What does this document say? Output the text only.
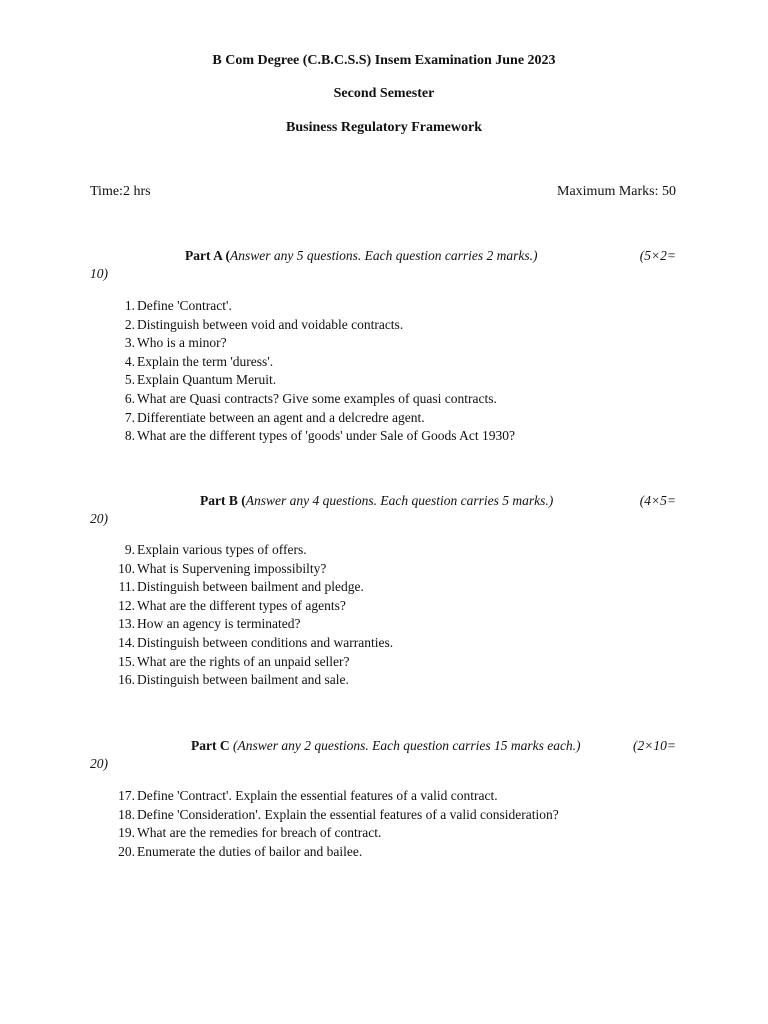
B Com Degree (C.B.C.S.S) Insem Examination June 2023
Second Semester
Business Regulatory Framework
Time:2 hrs	Maximum Marks: 50
Part A (Answer any 5 questions. Each question carries 2 marks.)	(5×2=
10)
1. Define 'Contract'.
2. Distinguish between void and voidable contracts.
3. Who is a minor?
4. Explain the term 'duress'.
5. Explain Quantum Meruit.
6. What are Quasi contracts? Give some examples of quasi contracts.
7. Differentiate between an agent and a delcredre agent.
8. What are the different types of 'goods' under Sale of Goods Act 1930?
Part B (Answer any 4 questions. Each question carries 5 marks.)	(4×5=
20)
9. Explain various types of offers.
10. What is Supervening impossibilty?
11. Distinguish between bailment and pledge.
12. What are the different types of agents?
13. How an agency is terminated?
14. Distinguish between conditions and warranties.
15. What are the rights of an unpaid seller?
16. Distinguish between bailment and sale.
Part C (Answer any 2 questions. Each question carries 15 marks each.)	(2×10=
20)
17. Define 'Contract'. Explain the essential features of a valid contract.
18. Define 'Consideration'. Explain the essential features of a valid consideration?
19. What are the remedies for breach of contract.
20. Enumerate the duties of bailor and bailee.
